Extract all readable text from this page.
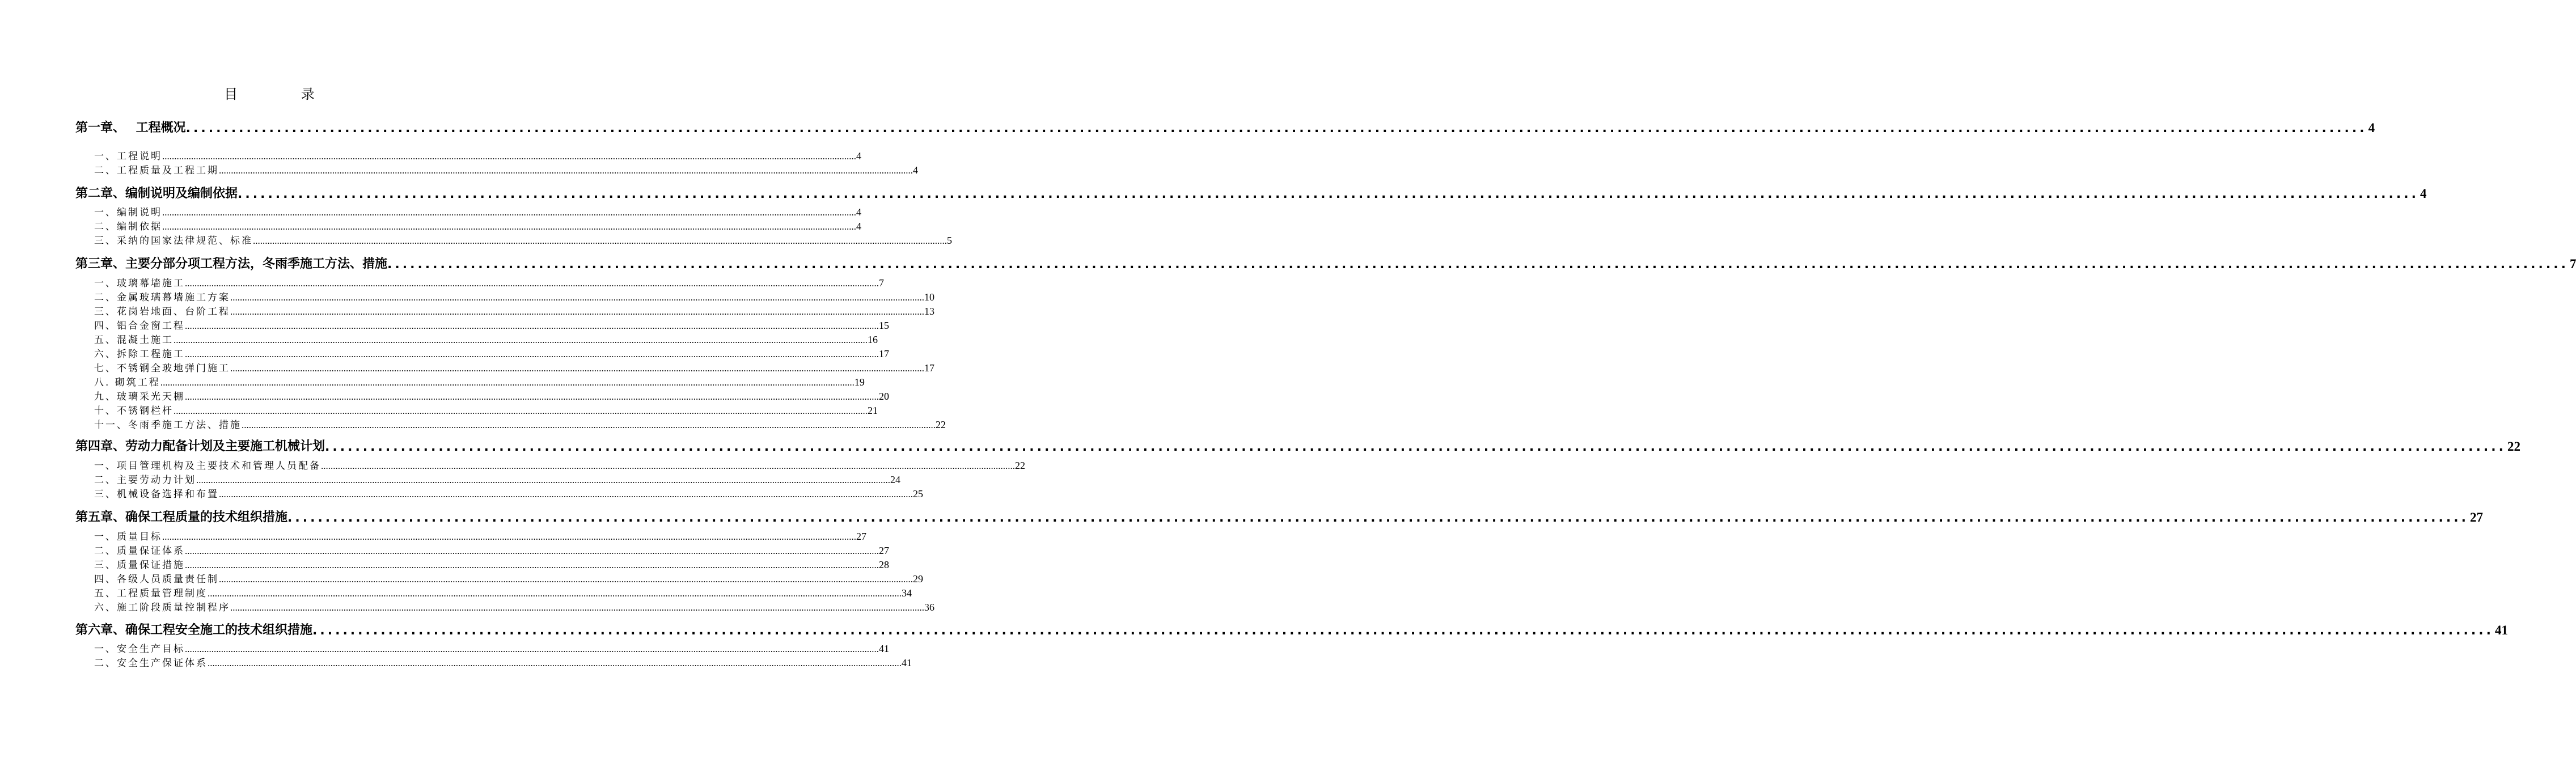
目 录
第一章、　 工程概况 ................................................................................................................................................................................................................................................................................................ 4
一、工程说明 ................................................................................................................................................................................................................................................................................................ 4
二、工程质量及工程工期 ................................................................................................................................................................................................................................................................................................ 4
第二章、编制说明及编制依据 ................................................................................................................................................................................................................................................................................................ 4
一、编制说明 ................................................................................................................................................................................................................................................................................................ 4
二、编制依据 ................................................................................................................................................................................................................................................................................................ 4
三、采纳的国家法律规范、标准 ................................................................................................................................................................................................................................................................................................ 5
第三章、主要分部分项工程方法，冬雨季施工方法、措施 ................................................................................................................................................................................................................................................................................................ 7
一、玻璃幕墙施工 ................................................................................................................................................................................................................................................................................................ 7
二、金属玻璃幕墙施工方案 ................................................................................................................................................................................................................................................................................................ 10
三、花岗岩地面、台阶工程 ................................................................................................................................................................................................................................................................................................ 13
四、铝合金窗工程 ................................................................................................................................................................................................................................................................................................ 15
五、混凝土施工 ................................................................................................................................................................................................................................................................................................ 16
六、拆除工程施工 ................................................................................................................................................................................................................................................................................................ 17
七、不锈钢全玻地弹门施工 ................................................................................................................................................................................................................................................................................................ 17
八. 砌筑工程 ................................................................................................................................................................................................................................................................................................ 19
九、玻璃采光天棚 ................................................................................................................................................................................................................................................................................................ 20
十、不锈钢栏杆 ................................................................................................................................................................................................................................................................................................ 21
十一、冬雨季施工方法、措施 ................................................................................................................................................................................................................................................................................................ 22
第四章、劳动力配备计划及主要施工机械计划 ................................................................................................................................................................................................................................................................................................ 22
一、项目管理机构及主要技术和管理人员配备 ................................................................................................................................................................................................................................................................................................ 22
二、主要劳动力计划 ................................................................................................................................................................................................................................................................................................ 24
三、机械设备选择和布置 ................................................................................................................................................................................................................................................................................................ 25
第五章、确保工程质量的技术组织措施 ................................................................................................................................................................................................................................................................................................ 27
一、质量目标 ................................................................................................................................................................................................................................................................................................ 27
二、质量保证体系 ................................................................................................................................................................................................................................................................................................ 27
三、质量保证措施 ................................................................................................................................................................................................................................................................................................ 28
四、各级人员质量责任制 ................................................................................................................................................................................................................................................................................................ 29
五、工程质量管理制度 ................................................................................................................................................................................................................................................................................................ 34
六、施工阶段质量控制程序 ................................................................................................................................................................................................................................................................................................ 36
第六章、确保工程安全施工的技术组织措施 ................................................................................................................................................................................................................................................................................................ 41
一、安全生产目标 ................................................................................................................................................................................................................................................................................................ 41
二、安全生产保证体系 ................................................................................................................................................................................................................................................................................................ 41
